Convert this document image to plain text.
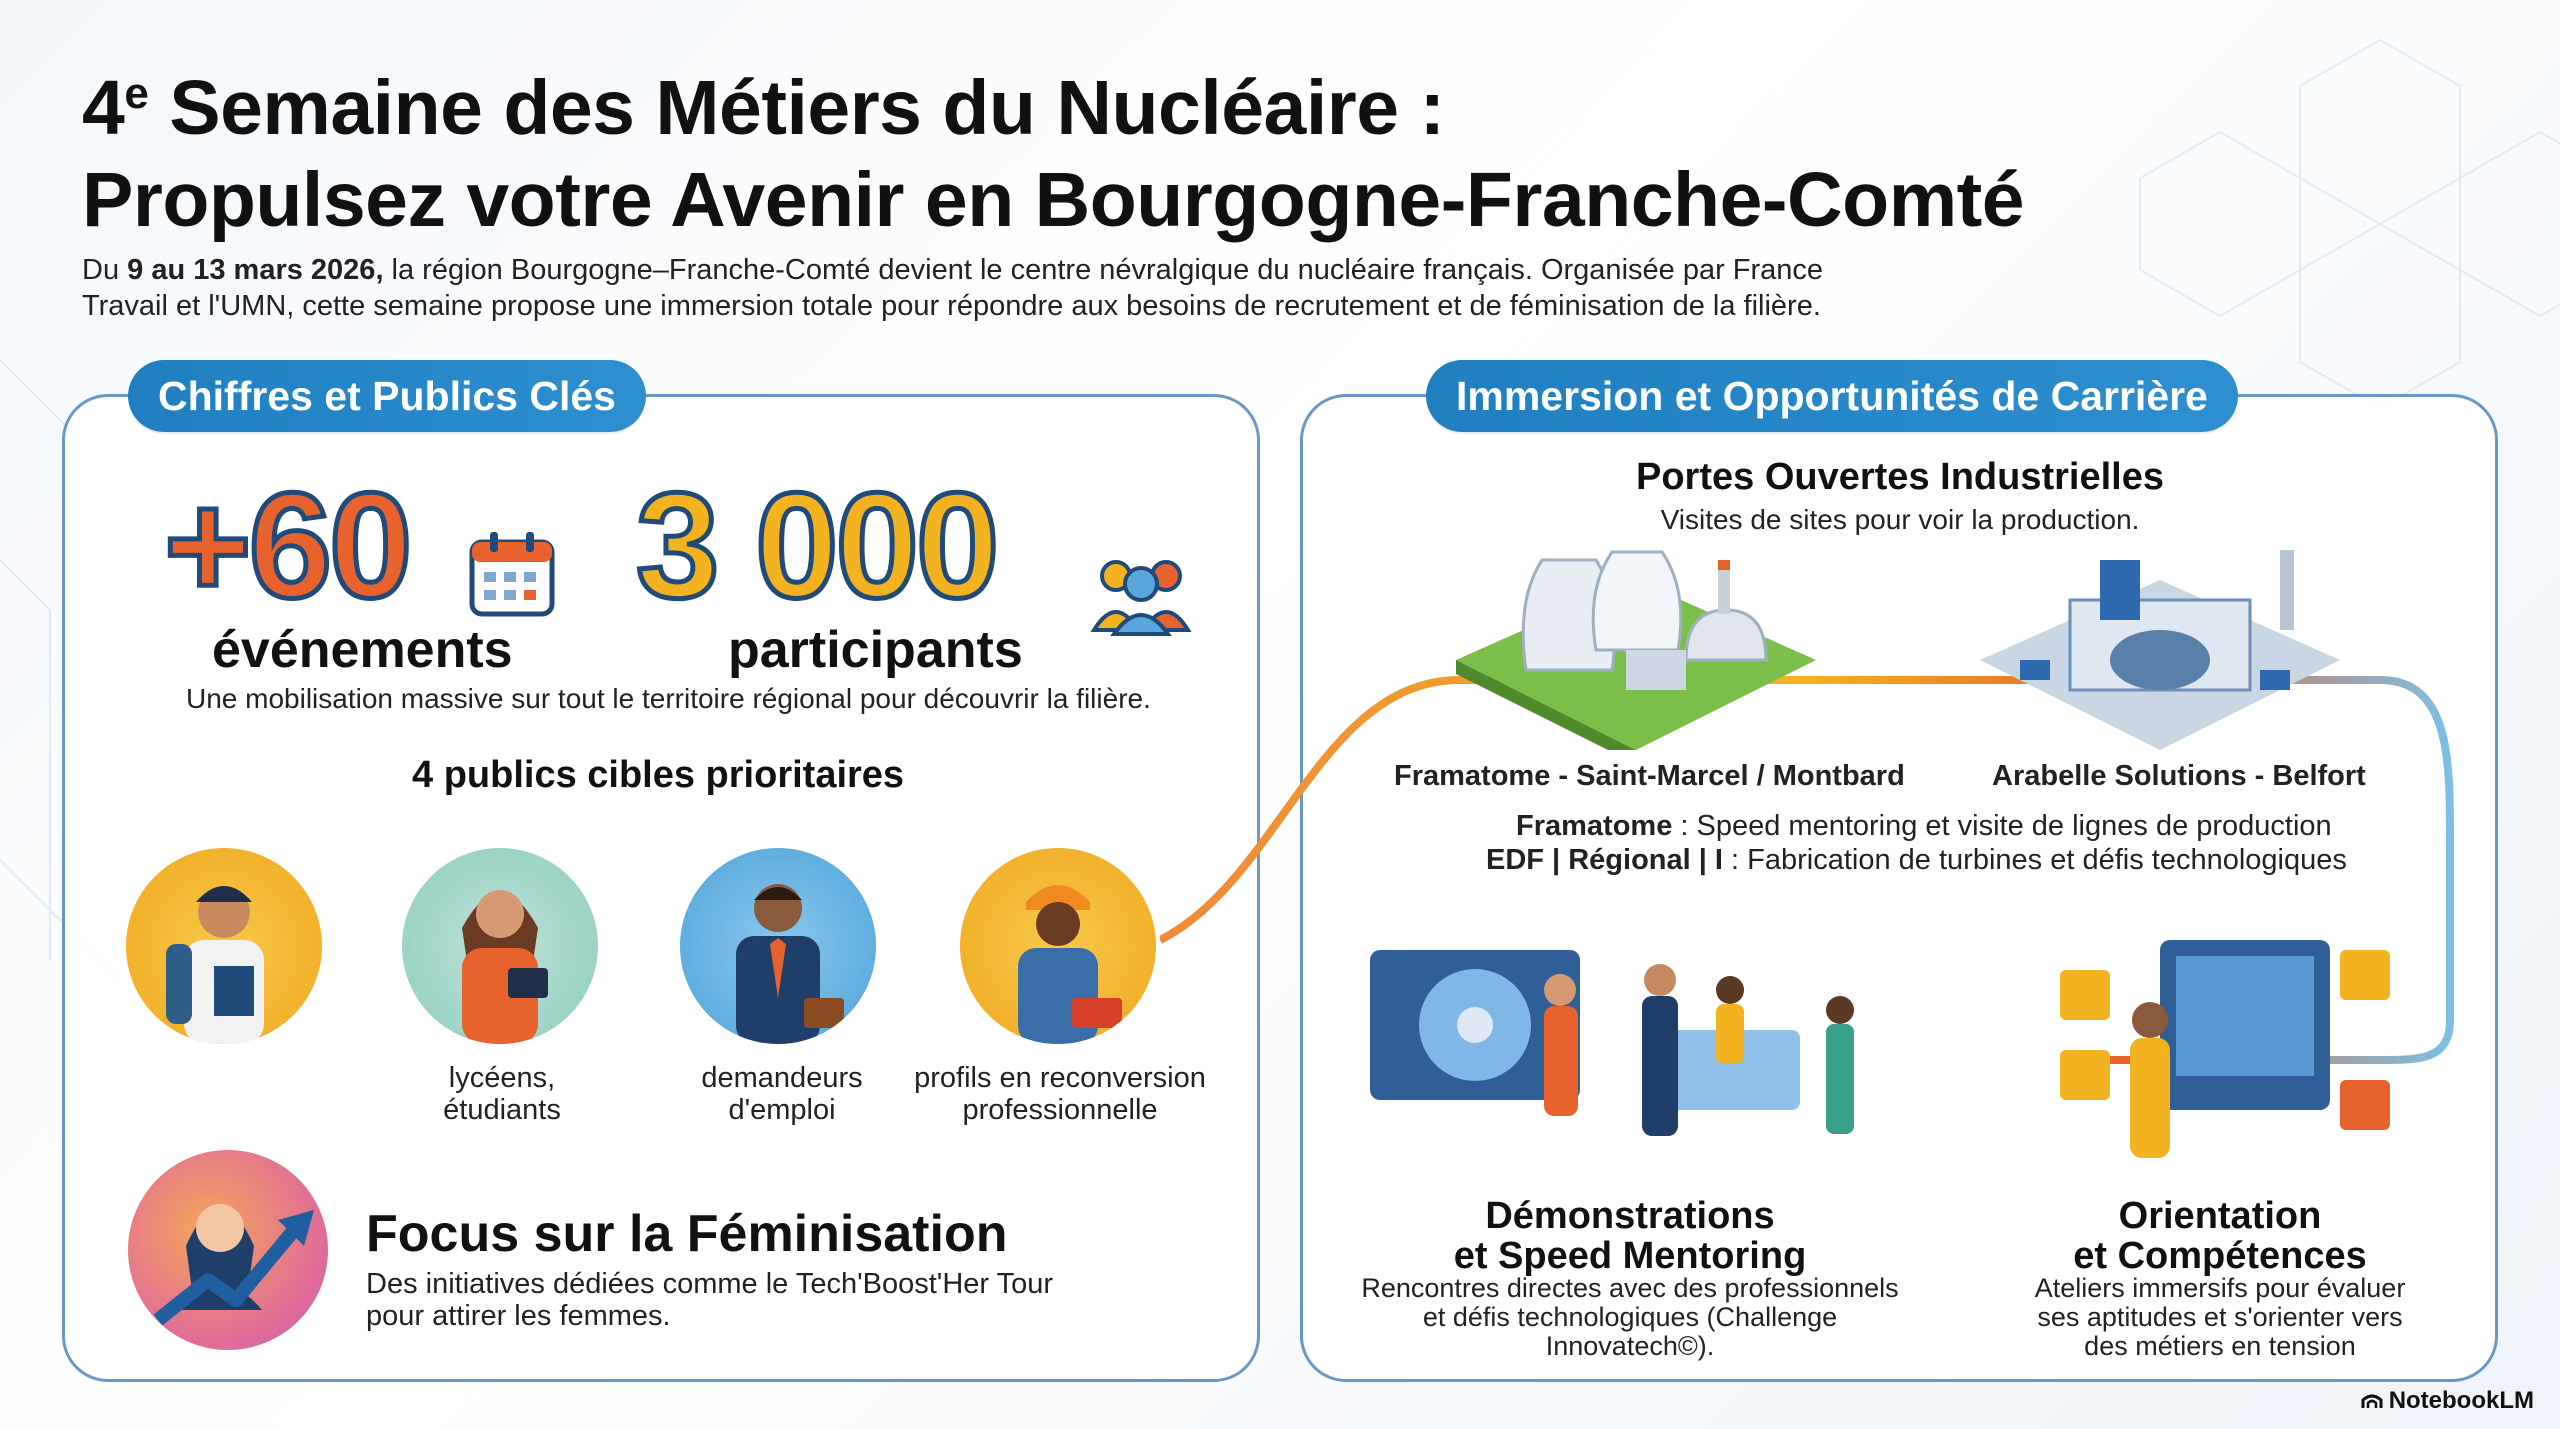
4e Semaine des Métiers du Nucléaire :
Propulsez votre Avenir en Bourgogne-Franche-Comté
Du 9 au 13 mars 2026, la région Bourgogne–Franche-Comté devient le centre névralgique du nucléaire français. Organisée par France
Travail et l'UMN, cette semaine propose une immersion totale pour répondre aux besoins de recrutement et de féminisation de la filière.
Chiffres et Publics Clés	Immersion et Opportunités de Carrière
+60
événements
3 000
participants
Une mobilisation massive sur tout le territoire régional pour découvrir la filière.
4 publics cibles prioritaires
lycéens,
étudiants
demandeurs
d'emploi
profils en reconversion
professionnelle
Focus sur la Féminisation
Des initiatives dédiées comme le Tech'Boost'Her Tour
pour attirer les femmes.
Portes Ouvertes Industrielles
Visites de sites pour voir la production.
Framatome - Saint-Marcel / Montbard	Arabelle Solutions - Belfort
Framatome : Speed mentoring et visite de lignes de production
EDF | Régional | I : Fabrication de turbines et défis technologiques
Démonstrations
et Speed Mentoring
Rencontres directes avec des professionnels
et défis technologiques (Challenge
Innovatech©).
Orientation
et Compétences
Ateliers immersifs pour évaluer
ses aptitudes et s'orienter vers
des métiers en tension
NotebookLM
